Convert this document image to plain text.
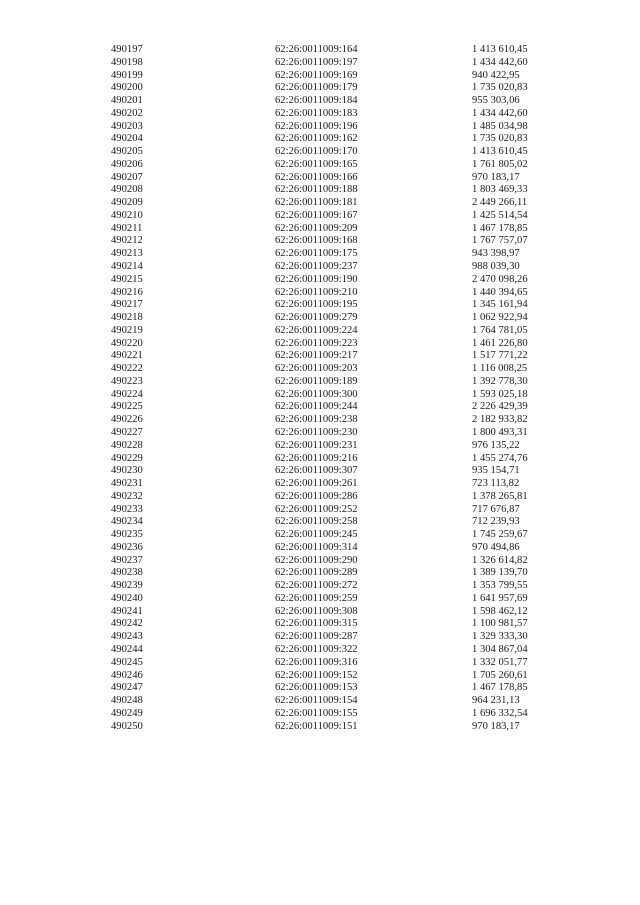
490197	62:26:0011009:164	1 413 610,45
490198	62:26:0011009:197	1 434 442,60
490199	62:26:0011009:169	940 422,95
490200	62:26:0011009:179	1 735 020,83
490201	62:26:0011009:184	955 303,06
490202	62:26:0011009:183	1 434 442,60
490203	62:26:0011009:196	1 485 034,98
490204	62:26:0011009:162	1 735 020,83
490205	62:26:0011009:170	1 413 610,45
490206	62:26:0011009:165	1 761 805,02
490207	62:26:0011009:166	970 183,17
490208	62:26:0011009:188	1 803 469,33
490209	62:26:0011009:181	2 449 266,11
490210	62:26:0011009:167	1 425 514,54
490211	62:26:0011009:209	1 467 178,85
490212	62:26:0011009:168	1 767 757,07
490213	62:26:0011009:175	943 398,97
490214	62:26:0011009:237	988 039,30
490215	62:26:0011009:190	2 470 098,26
490216	62:26:0011009:210	1 440 394,65
490217	62:26:0011009:195	1 345 161,94
490218	62:26:0011009:279	1 062 922,94
490219	62:26:0011009:224	1 764 781,05
490220	62:26:0011009:223	1 461 226,80
490221	62:26:0011009:217	1 517 771,22
490222	62:26:0011009:203	1 116 008,25
490223	62:26:0011009:189	1 392 778,30
490224	62:26:0011009:300	1 593 025,18
490225	62:26:0011009:244	2 226 429,39
490226	62:26:0011009:238	2 182 933,82
490227	62:26:0011009:230	1 800 493,31
490228	62:26:0011009:231	976 135,22
490229	62:26:0011009:216	1 455 274,76
490230	62:26:0011009:307	935 154,71
490231	62:26:0011009:261	723 113,82
490232	62:26:0011009:286	1 378 265,81
490233	62:26:0011009:252	717 676,87
490234	62:26:0011009:258	712 239,93
490235	62:26:0011009:245	1 745 259,67
490236	62:26:0011009:314	970 494,86
490237	62:26:0011009:290	1 326 614,82
490238	62:26:0011009:289	1 389 139,70
490239	62:26:0011009:272	1 353 799,55
490240	62:26:0011009:259	1 641 957,69
490241	62:26:0011009:308	1 598 462,12
490242	62:26:0011009:315	1 100 981,57
490243	62:26:0011009:287	1 329 333,30
490244	62:26:0011009:322	1 304 867,04
490245	62:26:0011009:316	1 332 051,77
490246	62:26:0011009:152	1 705 260,61
490247	62:26:0011009:153	1 467 178,85
490248	62:26:0011009:154	964 231,13
490249	62:26:0011009:155	1 696 332,54
490250	62:26:0011009:151	970 183,17
